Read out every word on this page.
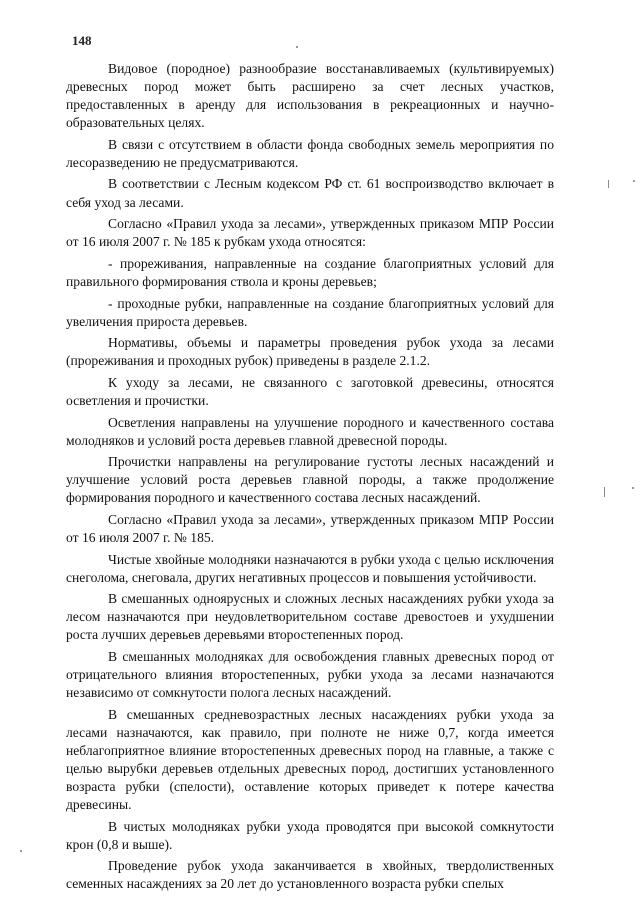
148

Видовое (породное) разнообразие восстанавливаемых (культивируемых) древесных пород может быть расширено за счет лесных участков, предоставленных в аренду для использования в рекреационных и научно-образовательных целях.

В связи с отсутствием в области фонда свободных земель мероприятия по лесоразведению не предусматриваются.

В соответствии с Лесным кодексом РФ ст. 61 воспроизводство включает в себя уход за лесами.

Согласно «Правил ухода за лесами», утвержденных приказом МПР России от 16 июля 2007 г. № 185 к рубкам ухода относятся:

- прореживания, направленные на создание благоприятных условий для правильного формирования ствола и кроны деревьев;

- проходные рубки, направленные на создание благоприятных условий для увеличения прироста деревьев.

Нормативы, объемы и параметры проведения рубок ухода за лесами (прореживания и проходных рубок) приведены в разделе 2.1.2.

К уходу за лесами, не связанного с заготовкой древесины, относятся осветления и прочистки.

Осветления направлены на улучшение породного и качественного состава молодняков и условий роста деревьев главной древесной породы.

Прочистки направлены на регулирование густоты лесных насаждений и улучшение условий роста деревьев главной породы, а также продолжение формирования породного и качественного состава лесных насаждений.

Согласно «Правил ухода за лесами», утвержденных приказом МПР России от 16 июля 2007 г. № 185.

Чистые хвойные молодняки назначаются в рубки ухода с целью исключения снеголома, снеговала, других негативных процессов и повышения устойчивости.

В смешанных одноярусных и сложных лесных насаждениях рубки ухода за лесом назначаются при неудовлетворительном составе древостоев и ухудшении роста лучших деревьев деревьями второстепенных пород.

В смешанных молодняках для освобождения главных древесных пород от отрицательного влияния второстепенных, рубки ухода за лесами назначаются независимо от сомкнутости полога лесных насаждений.

В смешанных средневозрастных лесных насаждениях рубки ухода за лесами назначаются, как правило, при полноте не ниже 0,7, когда имеется неблагоприятное влияние второстепенных древесных пород на главные, а также с целью вырубки деревьев отдельных древесных пород, достигших установленного возраста рубки (спелости), оставление которых приведет к потере качества древесины.

В чистых молодняках рубки ухода проводятся при высокой сомкнутости крон (0,8 и выше).

Проведение рубок ухода заканчивается в хвойных, твердолиственных семенных насаждениях за 20 лет до установленного возраста рубки спелых
